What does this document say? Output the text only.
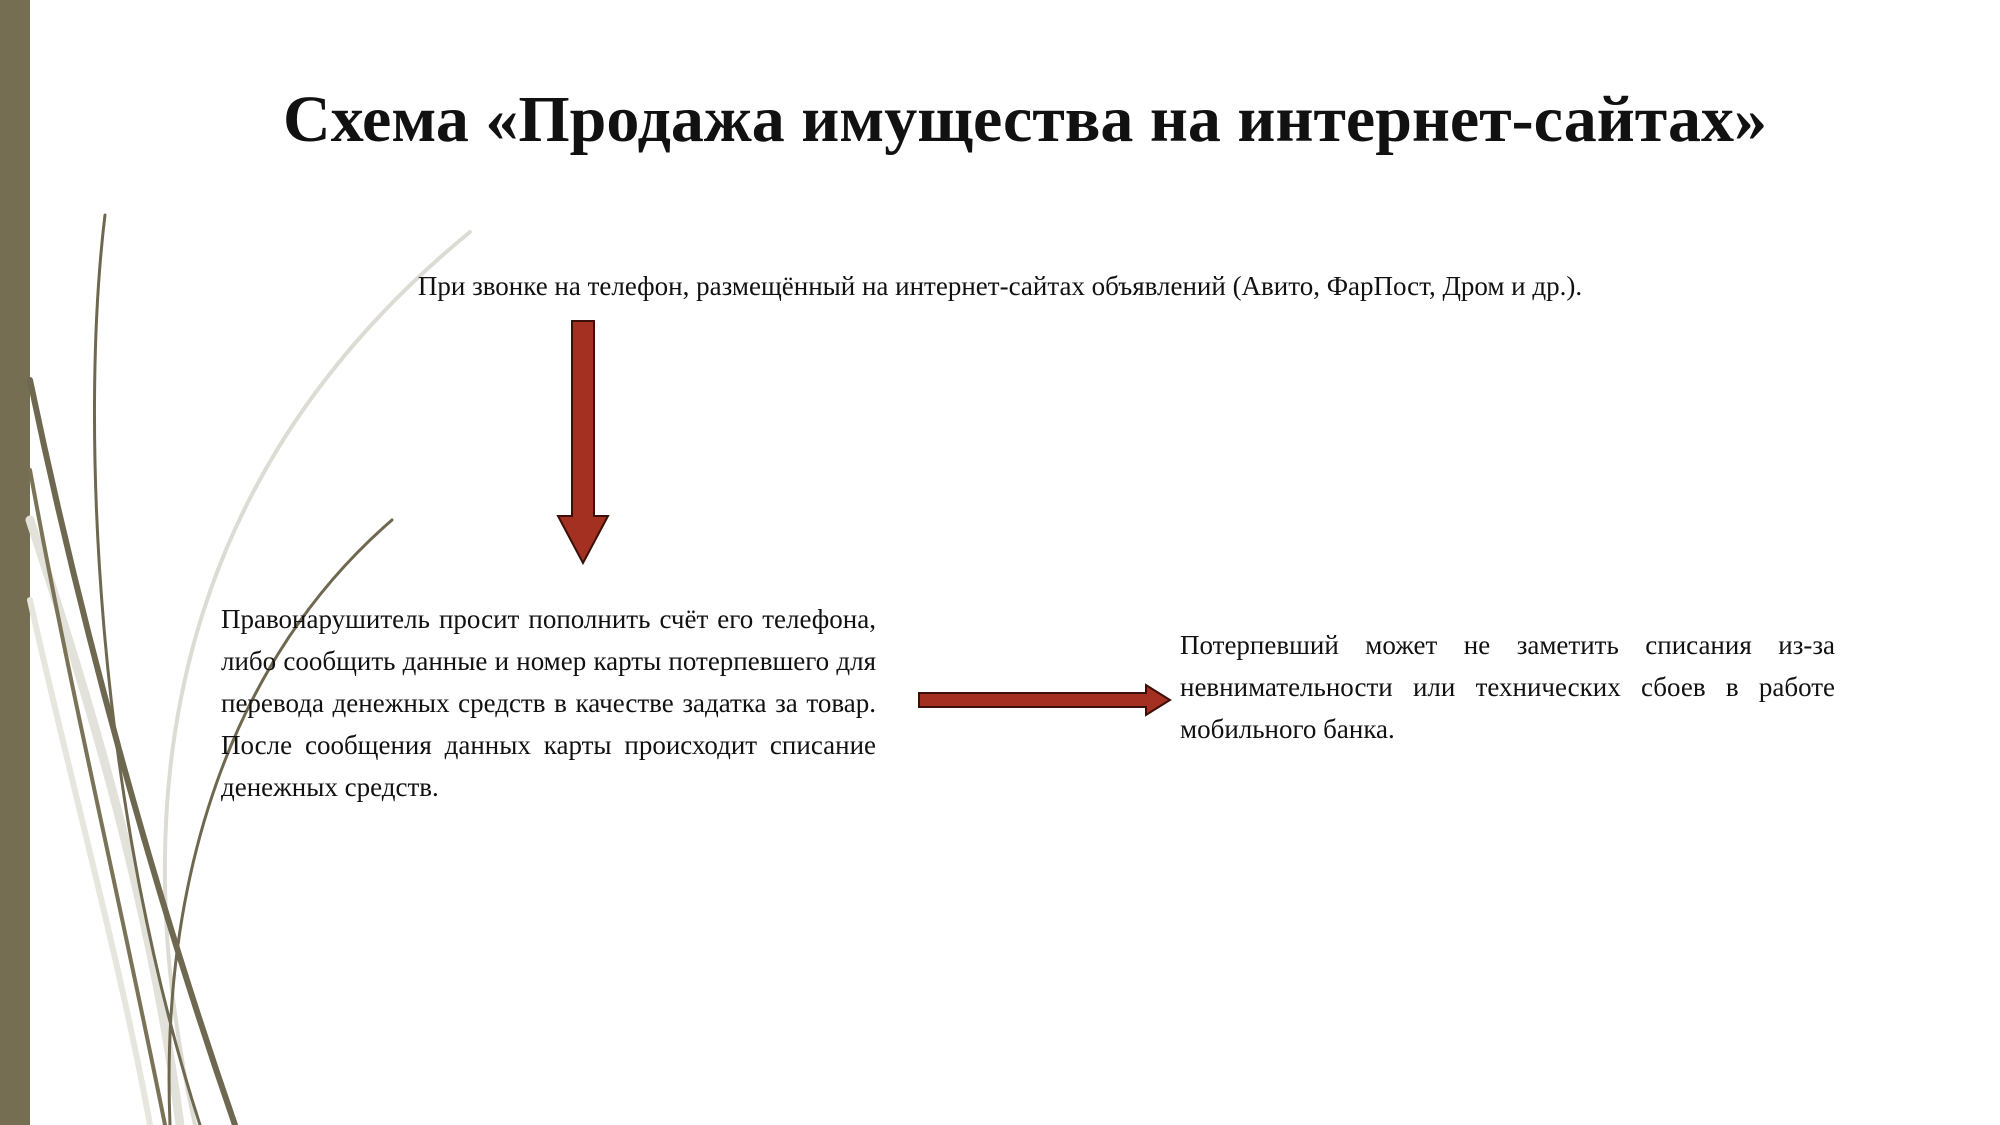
Схема «Продажа имущества на интернет-сайтах»
При звонке на телефон, размещённый на интернет-сайтах объявлений (Авито, ФарПост, Дром и др.).
Правонарушитель просит пополнить счёт его телефона, либо сообщить данные и номер карты потерпевшего для перевода денежных средств в качестве задатка за товар. После сообщения данных карты происходит списание денежных средств.
Потерпевший может не заметить списания из-за невнимательности или технических сбоев в работе мобильного банка.
